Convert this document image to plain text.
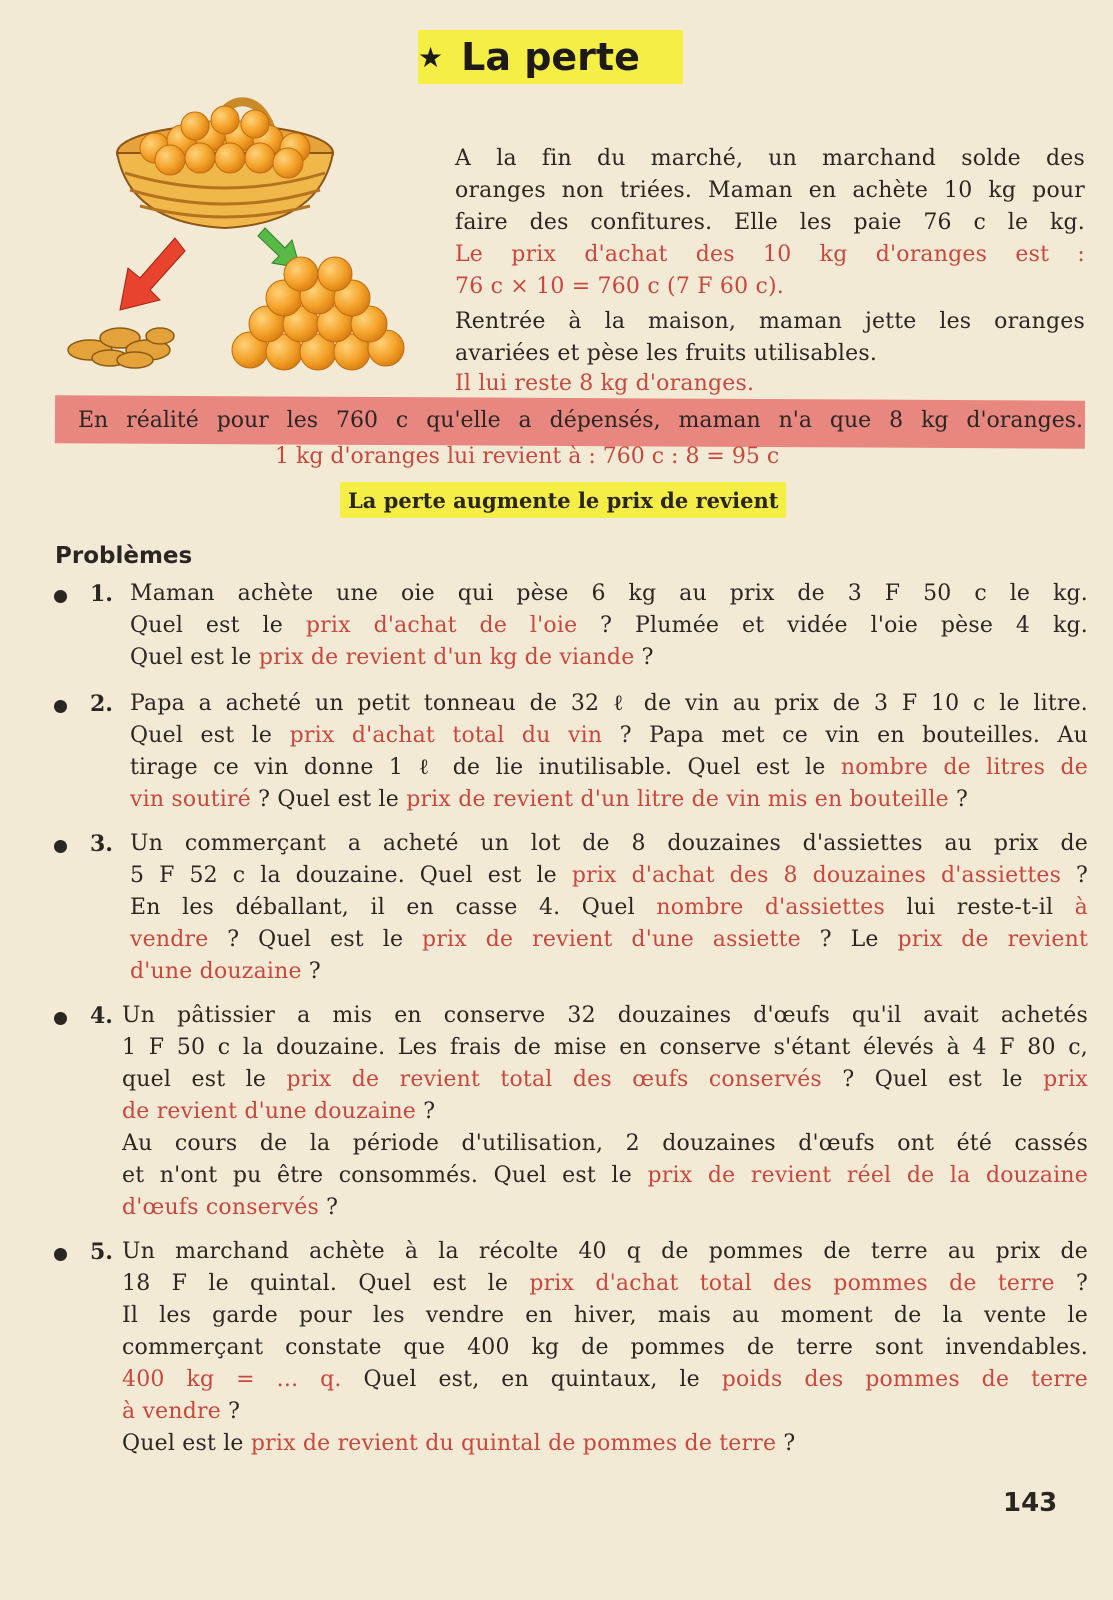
★ La perte
A la fin du marché, un marchand solde des
oranges non triées. Maman en achète 10 kg pour
faire des confitures. Elle les paie 76 c le kg.
Le prix d'achat des 10 kg d'oranges est :
76 c × 10 = 760 c (7 F 60 c).
Rentrée à la maison, maman jette les oranges
avariées et pèse les fruits utilisables.
Il lui reste 8 kg d'oranges.
En réalité pour les 760 c qu'elle a dépensés, maman n'a que 8 kg d'oranges.
1 kg d'oranges lui revient à : 760 c : 8 = 95 c
La perte augmente le prix de revient
Problèmes
1. Maman achète une oie qui pèse 6 kg au prix de 3 F 50 c le kg.
Quel est le prix d'achat de l'oie ? Plumée et vidée l'oie pèse 4 kg.
Quel est le prix de revient d'un kg de viande ?
2. Papa a acheté un petit tonneau de 32 ℓ de vin au prix de 3 F 10 c le litre.
Quel est le prix d'achat total du vin ? Papa met ce vin en bouteilles. Au
tirage ce vin donne 1 ℓ de lie inutilisable. Quel est le nombre de litres de
vin soutiré ? Quel est le prix de revient d'un litre de vin mis en bouteille ?
3. Un commerçant a acheté un lot de 8 douzaines d'assiettes au prix de
5 F 52 c la douzaine. Quel est le prix d'achat des 8 douzaines d'assiettes ?
En les déballant, il en casse 4. Quel nombre d'assiettes lui reste-t-il à
vendre ? Quel est le prix de revient d'une assiette ? Le prix de revient
d'une douzaine ?
4. Un pâtissier a mis en conserve 32 douzaines d'œufs qu'il avait achetés
1 F 50 c la douzaine. Les frais de mise en conserve s'étant élevés à 4 F 80 c,
quel est le prix de revient total des œufs conservés ? Quel est le prix
de revient d'une douzaine ?
Au cours de la période d'utilisation, 2 douzaines d'œufs ont été cassés
et n'ont pu être consommés. Quel est le prix de revient réel de la douzaine
d'œufs conservés ?
5. Un marchand achète à la récolte 40 q de pommes de terre au prix de
18 F le quintal. Quel est le prix d'achat total des pommes de terre ?
Il les garde pour les vendre en hiver, mais au moment de la vente le
commerçant constate que 400 kg de pommes de terre sont invendables.
400 kg = ... q. Quel est, en quintaux, le poids des pommes de terre
à vendre ?
Quel est le prix de revient du quintal de pommes de terre ?
143
